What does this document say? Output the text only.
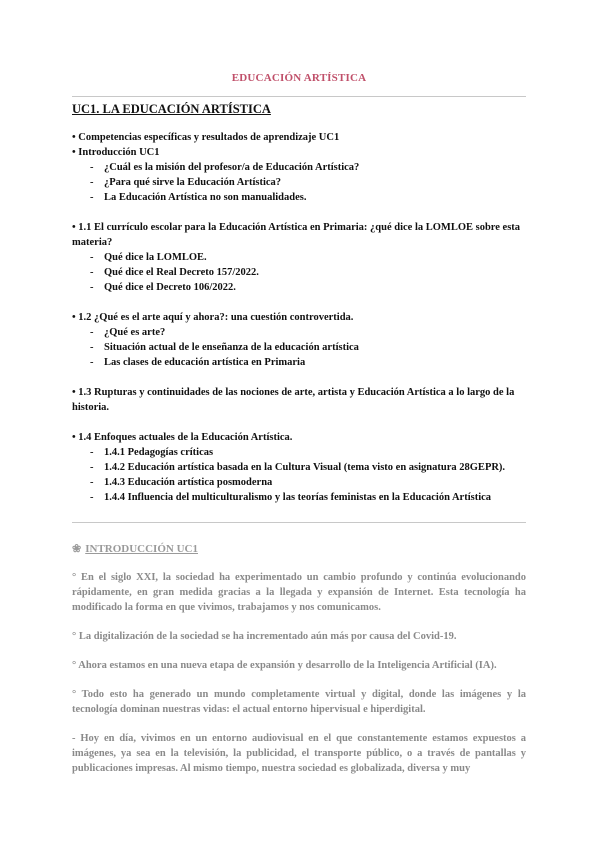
EDUCACIÓN ARTÍSTICA
UC1. LA EDUCACIÓN ARTÍSTICA
• Competencias específicas y resultados de aprendizaje UC1
• Introducción UC1
- ¿Cuál es la misión del profesor/a de Educación Artística?
- ¿Para qué sirve la Educación Artística?
- La Educación Artística no son manualidades.
• 1.1 El currículo escolar para la Educación Artística en Primaria: ¿qué dice la LOMLOE sobre esta materia?
- Qué dice la LOMLOE.
- Qué dice el Real Decreto 157/2022.
- Qué dice el Decreto 106/2022.
• 1.2 ¿Qué es el arte aquí y ahora?: una cuestión controvertida.
- ¿Qué es arte?
- Situación actual de le enseñanza de la educación artística
- Las clases de educación artística en Primaria
• 1.3 Rupturas y continuidades de las nociones de arte, artista y Educación Artística a lo largo de la historia.
• 1.4 Enfoques actuales de la Educación Artística.
- 1.4.1 Pedagogías críticas
- 1.4.2 Educación artística basada en la Cultura Visual (tema visto en asignatura 28GEPR).
- 1.4.3 Educación artística posmoderna
- 1.4.4 Influencia del multiculturalismo y las teorías feministas en la Educación Artística
❀ INTRODUCCIÓN UC1

° En el siglo XXI, la sociedad ha experimentado un cambio profundo y continúa evolucionando rápidamente, en gran medida gracias a la llegada y expansión de Internet. Esta tecnología ha modificado la forma en que vivimos, trabajamos y nos comunicamos.

° La digitalización de la sociedad se ha incrementado aún más por causa del Covid-19.

° Ahora estamos en una nueva etapa de expansión y desarrollo de la Inteligencia Artificial (IA).

° Todo esto ha generado un mundo completamente virtual y digital, donde las imágenes y la tecnología dominan nuestras vidas: el actual entorno hipervisual e hiperdigital.

- Hoy en día, vivimos en un entorno audiovisual en el que constantemente estamos expuestos a imágenes, ya sea en la televisión, la publicidad, el transporte público, o a través de pantallas y publicaciones impresas. Al mismo tiempo, nuestra sociedad es globalizada, diversa y muy
